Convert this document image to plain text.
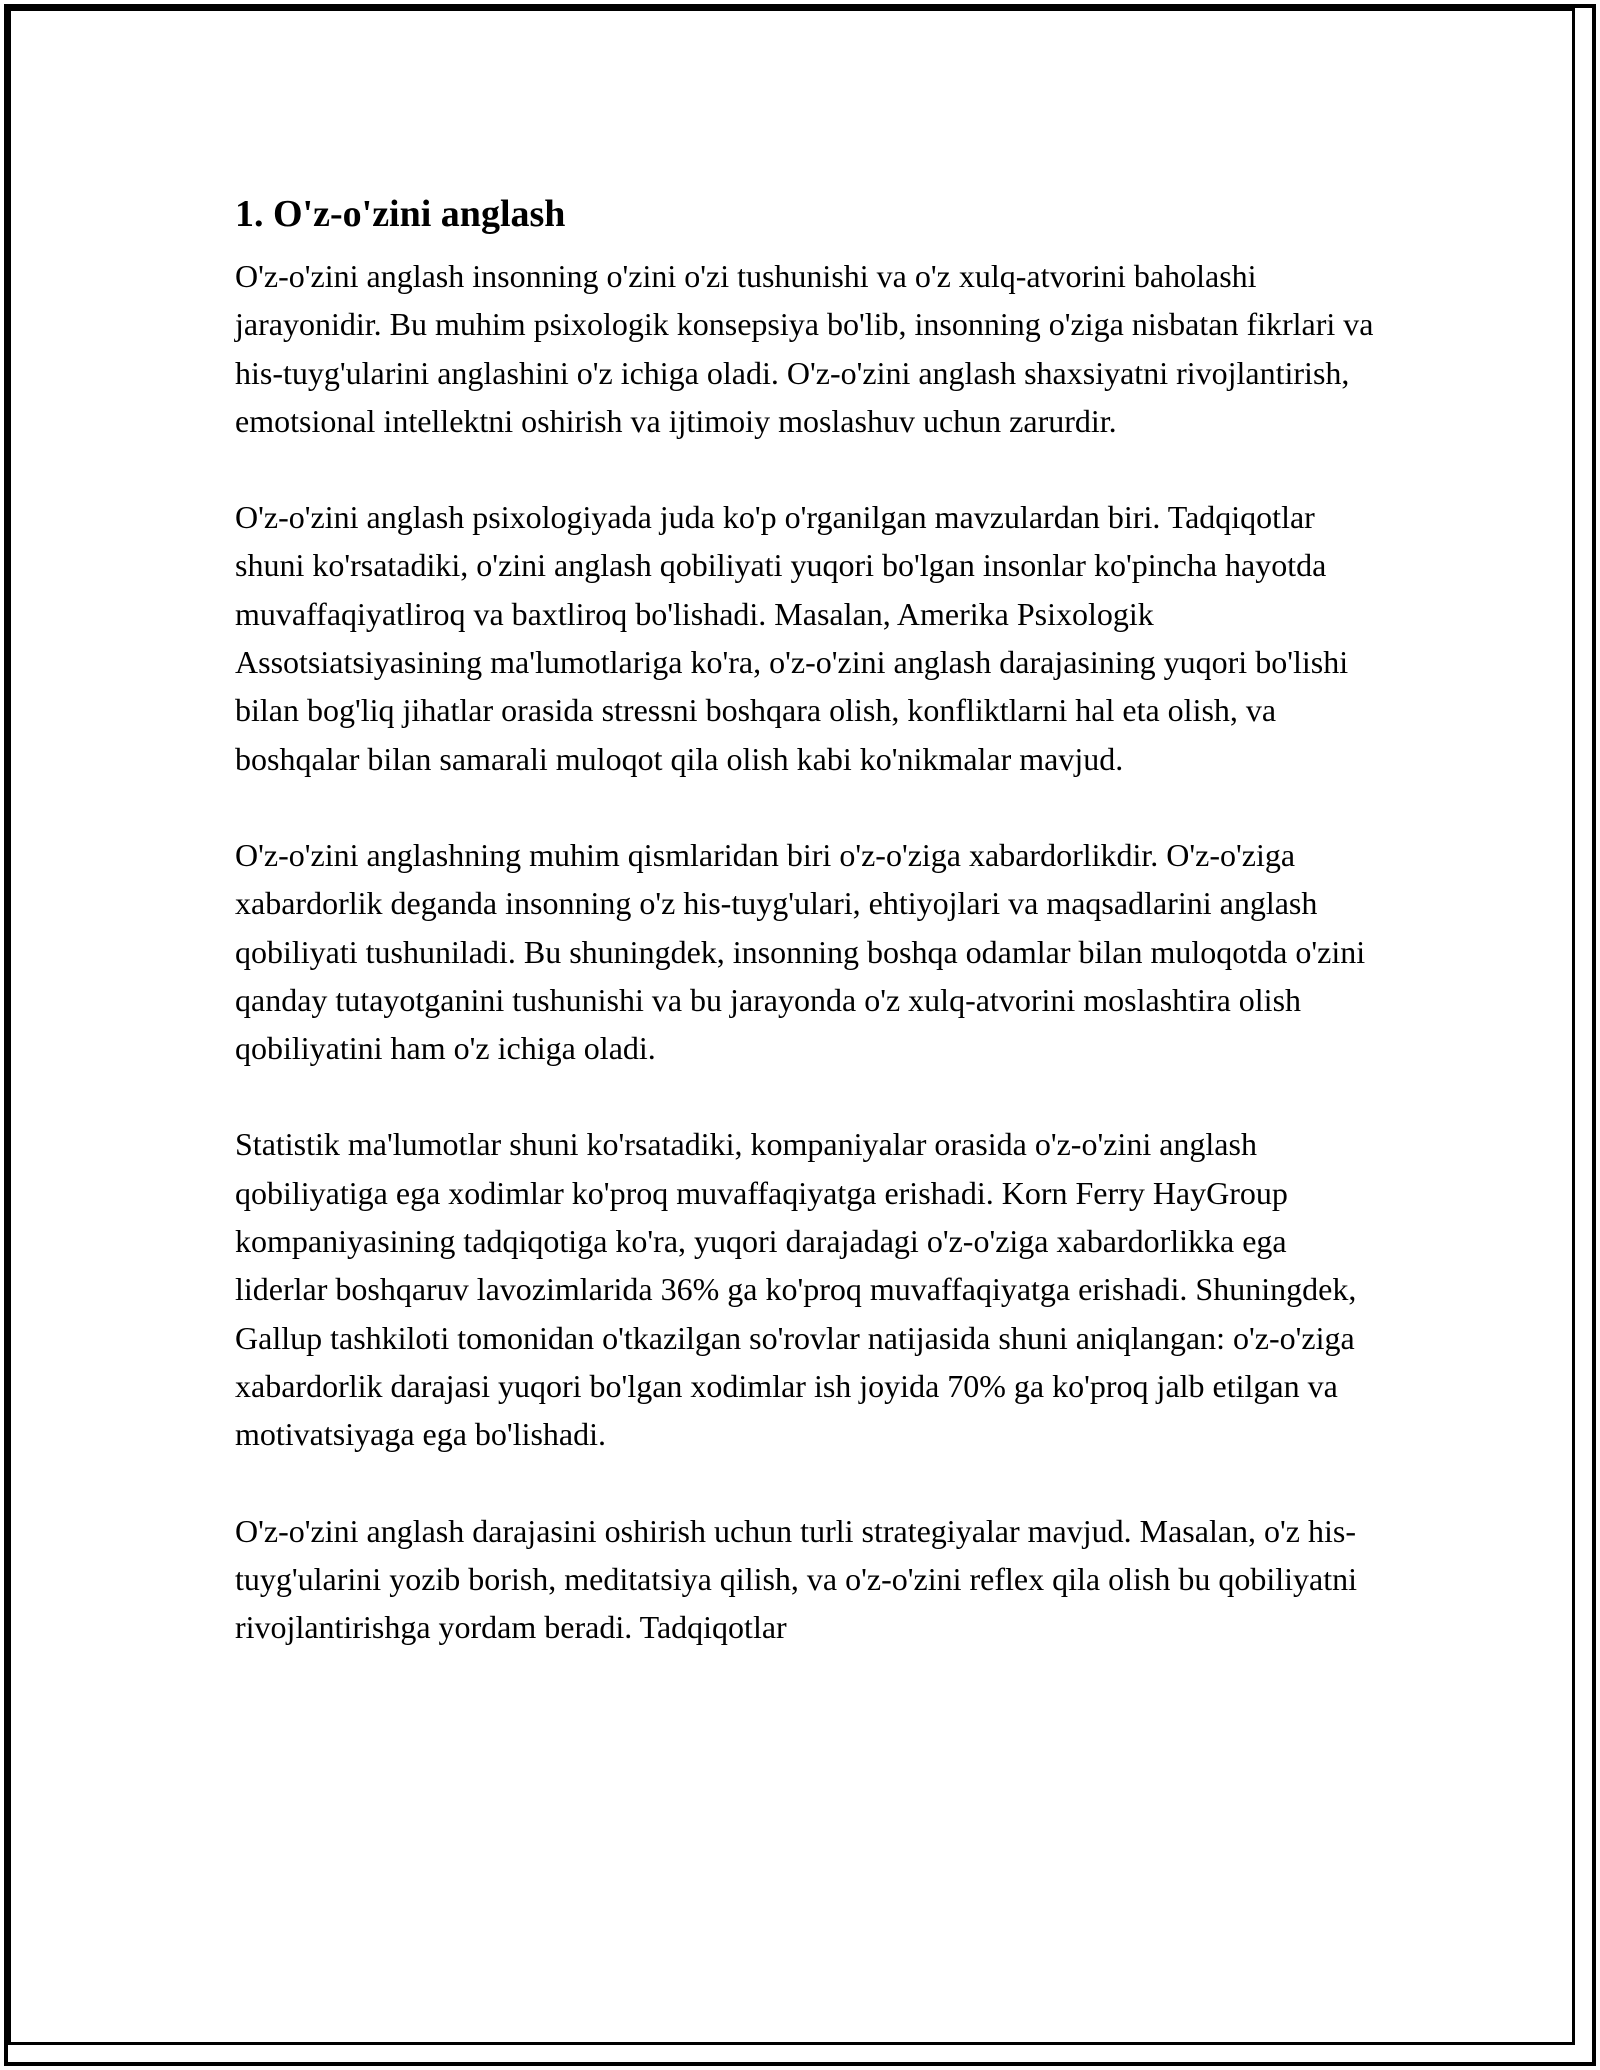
1. O'z-o'zini anglash

O'z-o'zini anglash insonning o'zini o'zi tushunishi va o'z xulq-atvorini baholashi jarayonidir. Bu muhim psixologik konsepsiya bo'lib, insonning o'ziga nisbatan fikrlari va his-tuyg'ularini anglashini o'z ichiga oladi. O'z-o'zini anglash shaxsiyatni rivojlantirish, emotsional intellektni oshirish va ijtimoiy moslashuv uchun zarurdir.

O'z-o'zini anglash psixologiyada juda ko'p o'rganilgan mavzulardan biri. Tadqiqotlar shuni ko'rsatadiki, o'zini anglash qobiliyati yuqori bo'lgan insonlar ko'pincha hayotda muvaffaqiyatliroq va baxtliroq bo'lishadi. Masalan, Amerika Psixologik Assotsiatsiyasining ma'lumotlariga ko'ra, o'z-o'zini anglash darajasining yuqori bo'lishi bilan bog'liq jihatlar orasida stressni boshqara olish, konfliktlarni hal eta olish, va boshqalar bilan samarali muloqot qila olish kabi ko'nikmalar mavjud.

O'z-o'zini anglashning muhim qismlaridan biri o'z-o'ziga xabardorlikdir. O'z-o'ziga xabardorlik deganda insonning o'z his-tuyg'ulari, ehtiyojlari va maqsadlarini anglash qobiliyati tushuniladi. Bu shuningdek, insonning boshqa odamlar bilan muloqotda o'zini qanday tutayotganini tushunishi va bu jarayonda o'z xulq-atvorini moslashtira olish qobiliyatini ham o'z ichiga oladi.

Statistik ma'lumotlar shuni ko'rsatadiki, kompaniyalar orasida o'z-o'zini anglash qobiliyatiga ega xodimlar ko'proq muvaffaqiyatga erishadi. Korn Ferry HayGroup kompaniyasining tadqiqotiga ko'ra, yuqori darajadagi o'z-o'ziga xabardorlikka ega liderlar boshqaruv lavozimlarida 36% ga ko'proq muvaffaqiyatga erishadi. Shuningdek, Gallup tashkiloti tomonidan o'tkazilgan so'rovlar natijasida shuni aniqlangan: o'z-o'ziga xabardorlik darajasi yuqori bo'lgan xodimlar ish joyida 70% ga ko'proq jalb etilgan va motivatsiyaga ega bo'lishadi.

O'z-o'zini anglash darajasini oshirish uchun turli strategiyalar mavjud. Masalan, o'z his-tuyg'ularini yozib borish, meditatsiya qilish, va o'z-o'zini reflex qila olish bu qobiliyatni rivojlantirishga yordam beradi. Tadqiqotlar
